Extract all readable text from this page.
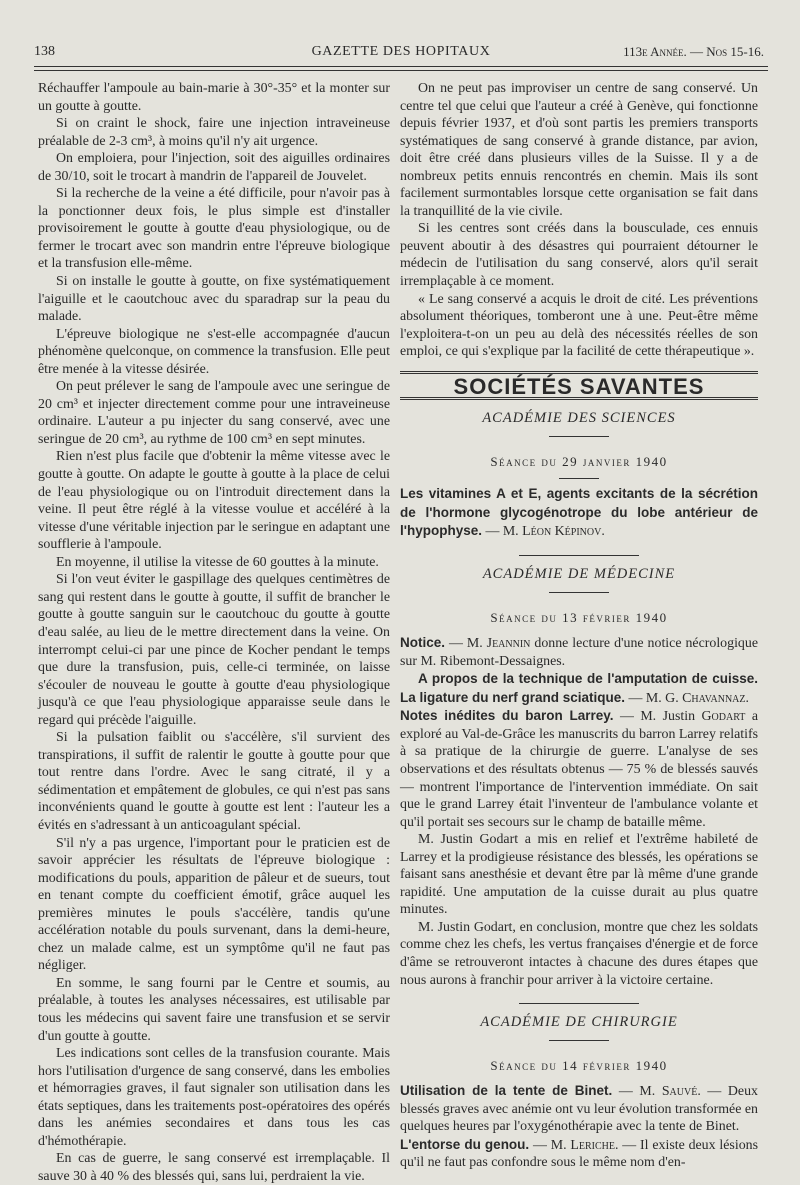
138	GAZETTE DES HOPITAUX	113e Année. — Nos 15-16.

Réchauffer l'ampoule au bain-marie à 30°-35° et la monter sur un goutte à goutte.

Si on craint le shock, faire une injection intraveineuse préalable de 2-3 cm³, à moins qu'il n'y ait urgence.

On emploiera, pour l'injection, soit des aiguilles ordinaires de 30/10, soit le trocart à mandrin de l'appareil de Jouvelet.

Si la recherche de la veine a été difficile, pour n'avoir pas à la ponctionner deux fois, le plus simple est d'installer provisoirement le goutte à goutte d'eau physiologique, ou de fermer le trocart avec son mandrin entre l'épreuve biologique et la transfusion elle-même.

Si on installe le goutte à goutte, on fixe systématiquement l'aiguille et le caoutchouc avec du sparadrap sur la peau du malade.

L'épreuve biologique ne s'est-elle accompagnée d'aucun phénomène quelconque, on commence la transfusion. Elle peut être menée à la vitesse désirée.

On peut prélever le sang de l'ampoule avec une seringue de 20 cm³ et injecter directement comme pour une intraveineuse ordinaire. L'auteur a pu injecter du sang conservé, avec une seringue de 20 cm³, au rythme de 100 cm³ en sept minutes.

Rien n'est plus facile que d'obtenir la même vitesse avec le goutte à goutte. On adapte le goutte à goutte à la place de celui de l'eau physiologique ou on l'introduit directement dans la veine. Il peut être réglé à la vitesse voulue et accéléré à la vitesse d'une véritable injection par le seringue en adaptant une soufflerie à l'ampoule.

En moyenne, il utilise la vitesse de 60 gouttes à la minute.

Si l'on veut éviter le gaspillage des quelques centimètres de sang qui restent dans le goutte à goutte, il suffit de brancher le goutte à goutte sanguin sur le caoutchouc du goutte à goutte d'eau salée, au lieu de le mettre directement dans la veine. On interrompt celui-ci par une pince de Kocher pendant le temps que dure la transfusion, puis, celle-ci terminée, on laisse s'écouler de nouveau le goutte à goutte d'eau physiologique jusqu'à ce que l'eau physiologique apparaisse seule dans le regard qui précède l'aiguille.

Si la pulsation faiblit ou s'accélère, s'il survient des transpirations, il suffit de ralentir le goutte à goutte pour que tout rentre dans l'ordre. Avec le sang citraté, il y a sédimentation et empâtement de globules, ce qui n'est pas sans inconvénients quand le goutte à goutte est lent : l'auteur les a évités en s'adressant à un anticoagulant spécial.

S'il n'y a pas urgence, l'important pour le praticien est de savoir apprécier les résultats de l'épreuve biologique : modifications du pouls, apparition de pâleur et de sueurs, tout en tenant compte du coefficient émotif, grâce auquel les premières minutes le pouls s'accélère, tandis qu'une accélération notable du pouls survenant, dans la demi-heure, chez un malade calme, est un symptôme qu'il ne faut pas négliger.

En somme, le sang fourni par le Centre et soumis, au préalable, à toutes les analyses nécessaires, est utilisable par tous les médecins qui savent faire une transfusion et se servir d'un goutte à goutte.

Les indications sont celles de la transfusion courante. Mais hors l'utilisation d'urgence de sang conservé, dans les embolies et hémorragies graves, il faut signaler son utilisation dans les états septiques, dans les traitements post-opératoires des opérés dans les anémies secondaires et dans tous les cas d'hémothérapie.

En cas de guerre, le sang conservé est irremplaçable. Il sauve 30 à 40 % des blessés qui, sans lui, perdraient la vie.

On ne peut pas improviser un centre de sang conservé. Un centre tel que celui que l'auteur a créé à Genève, qui fonctionne depuis février 1937, et d'où sont partis les premiers transports systématiques de sang conservé à grande distance, par avion, doit être créé dans plusieurs villes de la Suisse. Il y a de nombreux petits ennuis rencontrés en chemin. Mais ils sont facilement surmontables lorsque cette organisation se fait dans la tranquillité de la vie civile.

Si les centres sont créés dans la bousculade, ces ennuis peuvent aboutir à des désastres qui pourraient détourner le médecin de l'utilisation du sang conservé, alors qu'il serait irremplaçable à ce moment.

« Le sang conservé a acquis le droit de cité. Les préventions absolument théoriques, tomberont une à une. Peut-être même l'exploitera-t-on un peu au delà des nécessités réelles de son emploi, ce qui s'explique par la facilité de cette thérapeutique ».

SOCIÉTÉS SAVANTES
ACADÉMIE DES SCIENCES
Séance du 29 janvier 1940

Les vitamines A et E, agents excitants de la sécrétion de l'hormone glycogénotrope du lobe antérieur de l'hypophyse. — M. Léon Képinov.

ACADÉMIE DE MÉDECINE
Séance du 13 février 1940

Notice. — M. Jeannin donne lecture d'une notice nécrologique sur M. Ribemont-Dessaignes.

A propos de la technique de l'amputation de cuisse. La ligature du nerf grand sciatique. — M. G. Chavannaz.

Notes inédites du baron Larrey. — M. Justin Godart a exploré au Val-de-Grâce les manuscrits du barron Larrey relatifs à sa pratique de la chirurgie de guerre. L'analyse de ses observations et des résultats obtenus — 75 % de blessés sauvés — montrent l'importance de l'intervention immédiate. On sait que le grand Larrey était l'inventeur de l'ambulance volante et qu'il portait ses secours sur le champ de bataille même.

M. Justin Godart a mis en relief et l'extrême habileté de Larrey et la prodigieuse résistance des blessés, les opérations se faisant sans anesthésie et devant être par là même d'une grande rapidité. Une amputation de la cuisse durait au plus quatre minutes.

M. Justin Godart, en conclusion, montre que chez les soldats comme chez les chefs, les vertus françaises d'énergie et de force d'âme se retrouveront intactes à chacune des dures étapes que nous aurons à franchir pour arriver à la victoire certaine.

ACADÉMIE DE CHIRURGIE
Séance du 14 février 1940

Utilisation de la tente de Binet. — M. Sauvé. — Deux blessés graves avec anémie ont vu leur évolution transformée en quelques heures par l'oxygénothérapie avec la tente de Binet.

L'entorse du genou. — M. Leriche. — Il existe deux lésions qu'il ne faut pas confondre sous le même nom d'en-
